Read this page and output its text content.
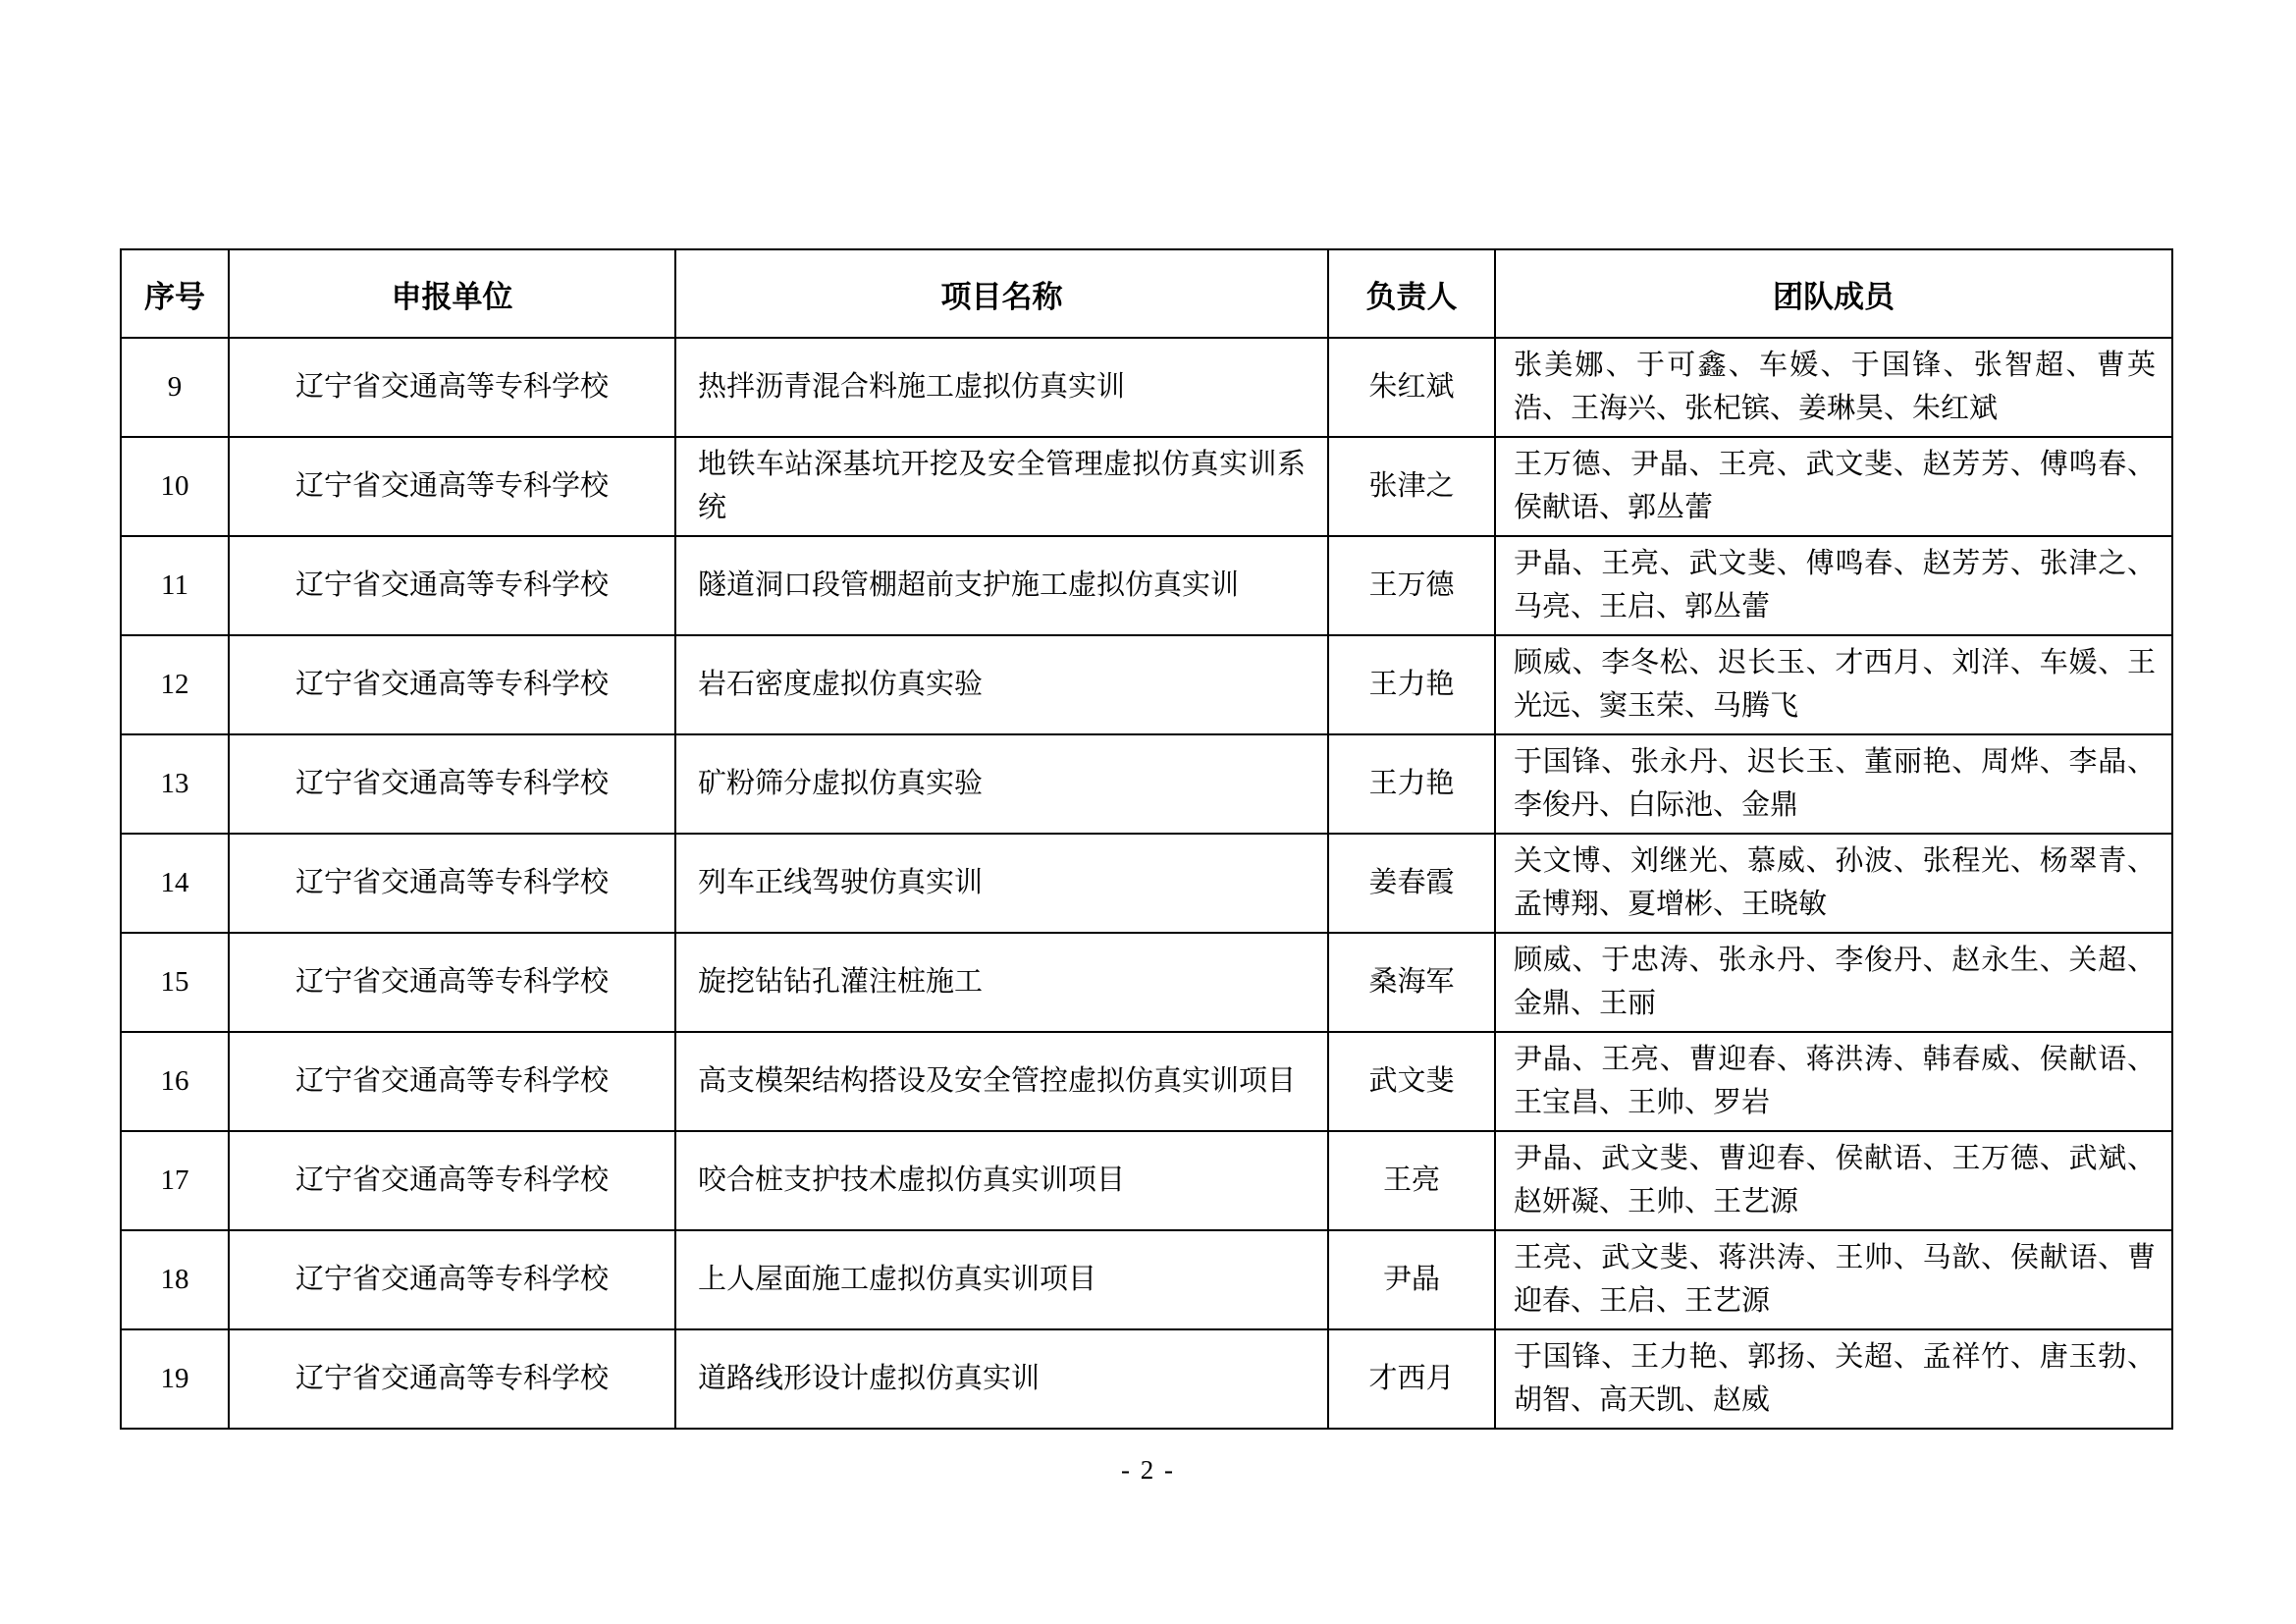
序号	申报单位	项目名称	负责人	团队成员
9	辽宁省交通高等专科学校	热拌沥青混合料施工虚拟仿真实训	朱红斌	张美娜、于可鑫、车媛、于国锋、张智超、曹英浩、王海兴、张杞镔、姜琳昊、朱红斌
10	辽宁省交通高等专科学校	地铁车站深基坑开挖及安全管理虚拟仿真实训系统	张津之	王万德、尹晶、王亮、武文斐、赵芳芳、傅鸣春、侯献语、郭丛蕾
11	辽宁省交通高等专科学校	隧道洞口段管棚超前支护施工虚拟仿真实训	王万德	尹晶、王亮、武文斐、傅鸣春、赵芳芳、张津之、马亮、王启、郭丛蕾
12	辽宁省交通高等专科学校	岩石密度虚拟仿真实验	王力艳	顾威、李冬松、迟长玉、才西月、刘洋、车媛、王光远、窦玉荣、马腾飞
13	辽宁省交通高等专科学校	矿粉筛分虚拟仿真实验	王力艳	于国锋、张永丹、迟长玉、董丽艳、周烨、李晶、李俊丹、白际池、金鼎
14	辽宁省交通高等专科学校	列车正线驾驶仿真实训	姜春霞	关文博、刘继光、慕威、孙波、张程光、杨翠青、孟博翔、夏增彬、王晓敏
15	辽宁省交通高等专科学校	旋挖钻钻孔灌注桩施工	桑海军	顾威、于忠涛、张永丹、李俊丹、赵永生、关超、金鼎、王丽
16	辽宁省交通高等专科学校	高支模架结构搭设及安全管控虚拟仿真实训项目	武文斐	尹晶、王亮、曹迎春、蒋洪涛、韩春威、侯献语、王宝昌、王帅、罗岩
17	辽宁省交通高等专科学校	咬合桩支护技术虚拟仿真实训项目	王亮	尹晶、武文斐、曹迎春、侯献语、王万德、武斌、赵妍凝、王帅、王艺源
18	辽宁省交通高等专科学校	上人屋面施工虚拟仿真实训项目	尹晶	王亮、武文斐、蒋洪涛、王帅、马歆、侯献语、曹迎春、王启、王艺源
19	辽宁省交通高等专科学校	道路线形设计虚拟仿真实训	才西月	于国锋、王力艳、郭扬、关超、孟祥竹、唐玉勃、胡智、高天凯、赵威
- 2 -
